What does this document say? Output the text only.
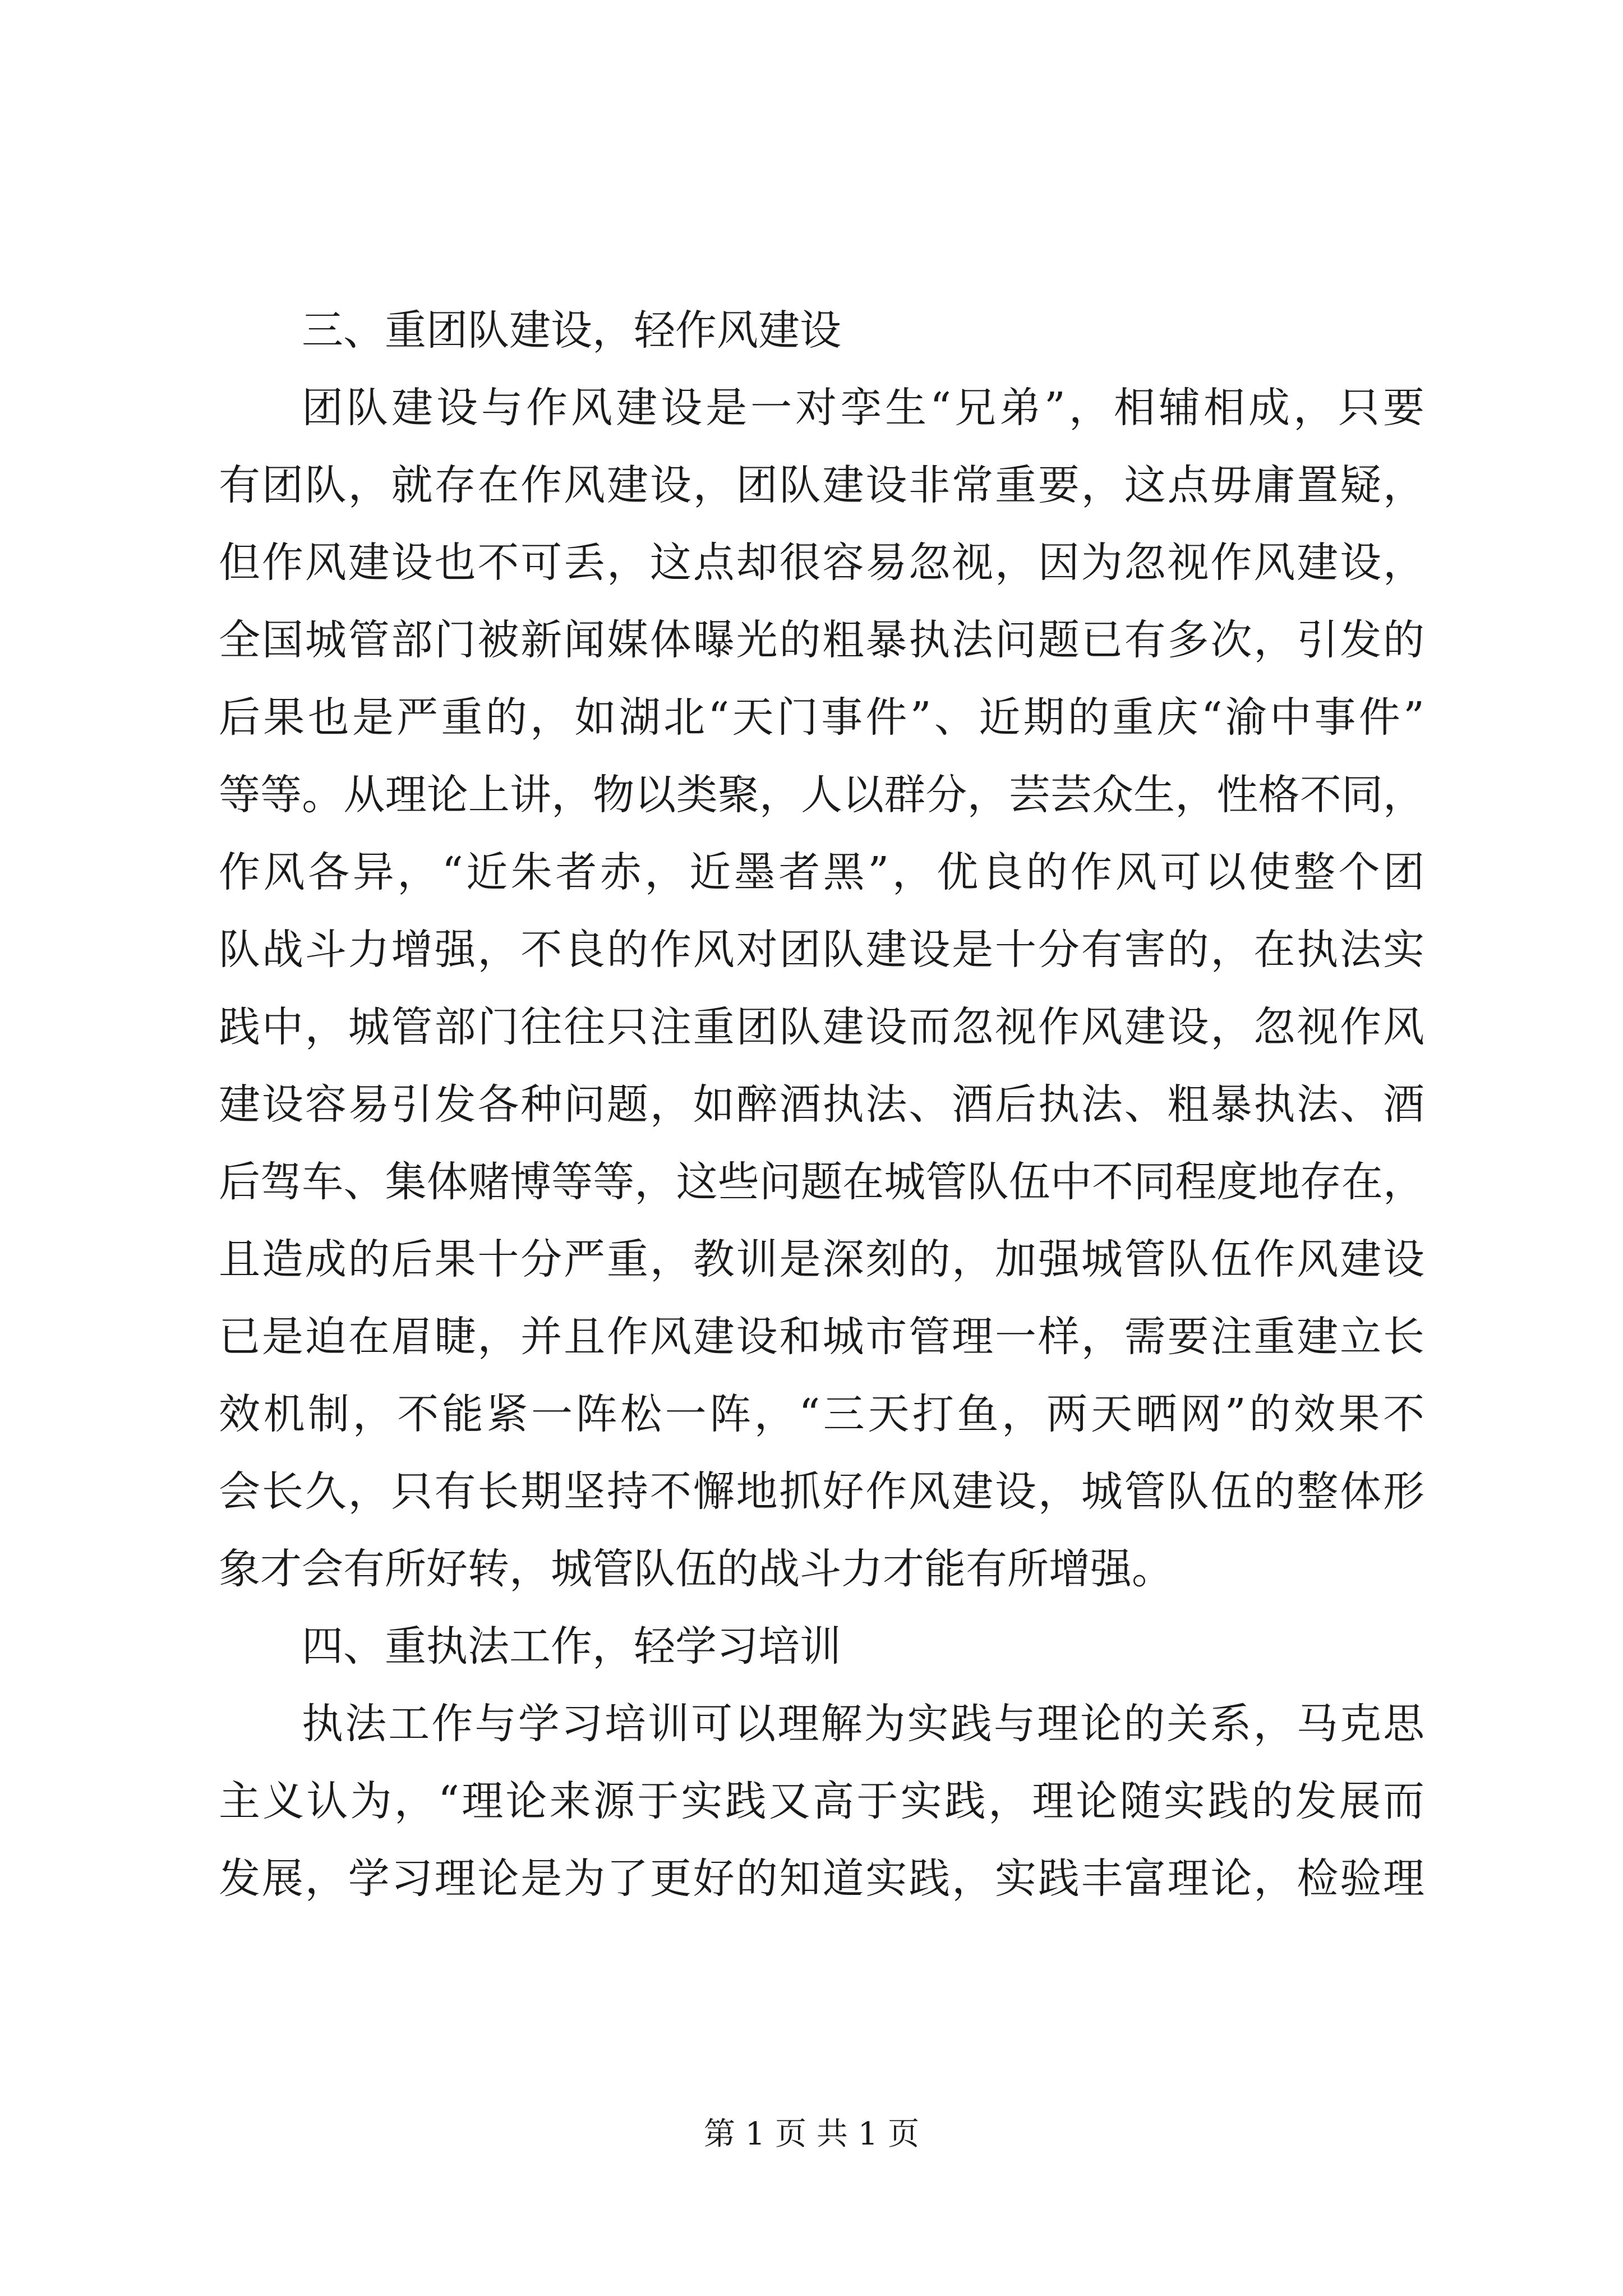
三、重团队建设，轻作风建设
团队建设与作风建设是一对孪生“兄弟”，相辅相成，只要
有团队，就存在作风建设，团队建设非常重要，这点毋庸置疑，
但作风建设也不可丢，这点却很容易忽视，因为忽视作风建设，
全国城管部门被新闻媒体曝光的粗暴执法问题已有多次，引发的
后果也是严重的，如湖北“天门事件”、近期的重庆“渝中事件”
等等。从理论上讲，物以类聚，人以群分，芸芸众生，性格不同，
作风各异，“近朱者赤，近墨者黑”，优良的作风可以使整个团
队战斗力增强，不良的作风对团队建设是十分有害的，在执法实
践中，城管部门往往只注重团队建设而忽视作风建设，忽视作风
建设容易引发各种问题，如醉酒执法、酒后执法、粗暴执法、酒
后驾车、集体赌博等等，这些问题在城管队伍中不同程度地存在，
且造成的后果十分严重，教训是深刻的，加强城管队伍作风建设
已是迫在眉睫，并且作风建设和城市管理一样，需要注重建立长
效机制，不能紧一阵松一阵，“三天打鱼，两天晒网”的效果不
会长久，只有长期坚持不懈地抓好作风建设，城管队伍的整体形
象才会有所好转，城管队伍的战斗力才能有所增强。
四、重执法工作，轻学习培训
执法工作与学习培训可以理解为实践与理论的关系，马克思
主义认为，“理论来源于实践又高于实践，理论随实践的发展而
发展，学习理论是为了更好的知道实践，实践丰富理论，检验理
第 1 页 共 1 页
